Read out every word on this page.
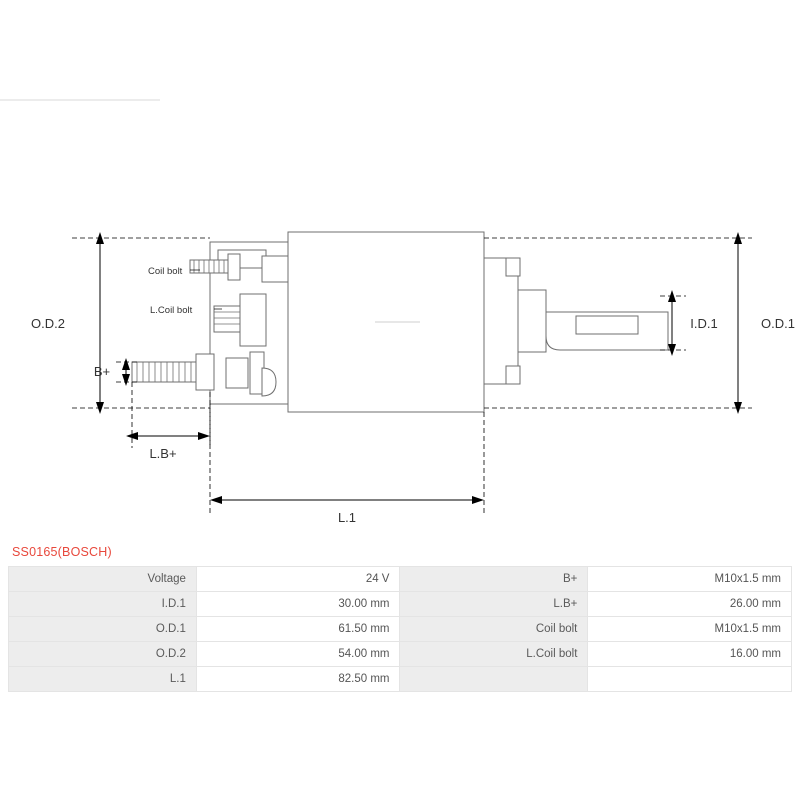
O.D.2	O.D.1
I.D.1
L.1
L.B+
B+
Coil bolt
L.Coil bolt
SS0165(BOSCH)
Voltage	24 V	B+	M10x1.5 mm
I.D.1	30.00 mm	L.B+	26.00 mm
O.D.1	61.50 mm	Coil bolt	M10x1.5 mm
O.D.2	54.00 mm	L.Coil bolt	16.00 mm
L.1	82.50 mm		
